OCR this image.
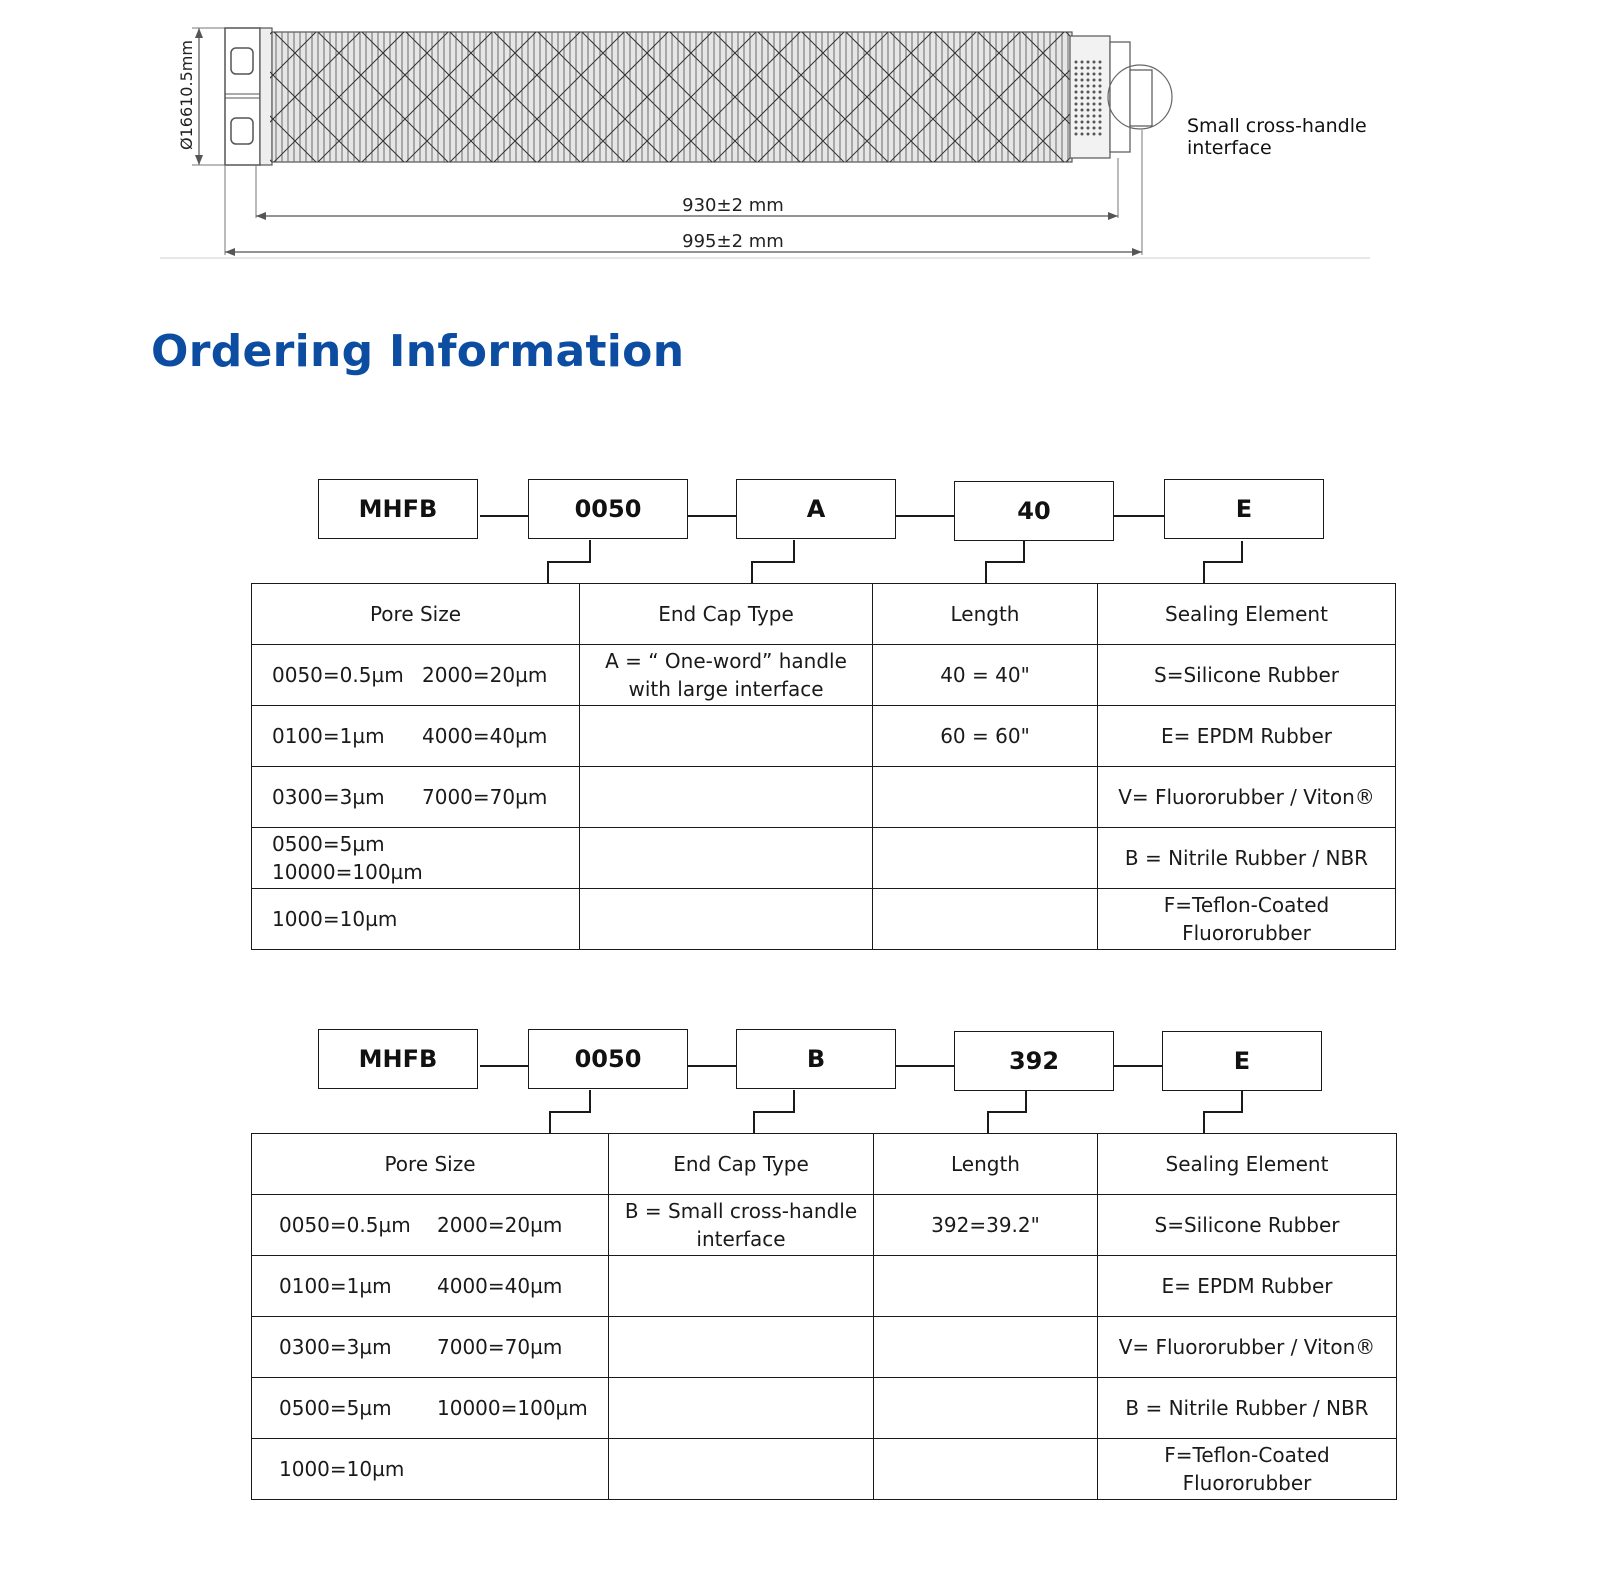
Ø16610.5mm	Small cross-handle
interface
930±2 mm
995±2 mm
Ordering Information
MHFB	0050	A	40	E
Pore Size	End Cap Type	Length	Sealing Element
0050=0.5µm 2000=20µm	A = “ One-word” handle
with large interface	40 = 40"	S=Silicone Rubber

0100=1µm 4000=40µm		60 = 60"	E= EPDM Rubber

0300=3µm 7000=70µm			V= Fluororubber / Viton®

0500=5µm10000=100µm			B = Nitrile Rubber / NBR

1000=10µm			F=Teflon-Coated
Fluororubber
MHFB	0050	B	392	E
Pore Size	End Cap Type	Length	Sealing Element
0050=0.5µm 2000=20µm	B = Small cross-handle
interface	392=39.2"	S=Silicone Rubber

0100=1µm 4000=40µm			E= EPDM Rubber

0300=3µm 7000=70µm			V= Fluororubber / Viton®

0500=5µm 10000=100µm			B = Nitrile Rubber / NBR

1000=10µm			F=Teflon-Coated
Fluororubber
